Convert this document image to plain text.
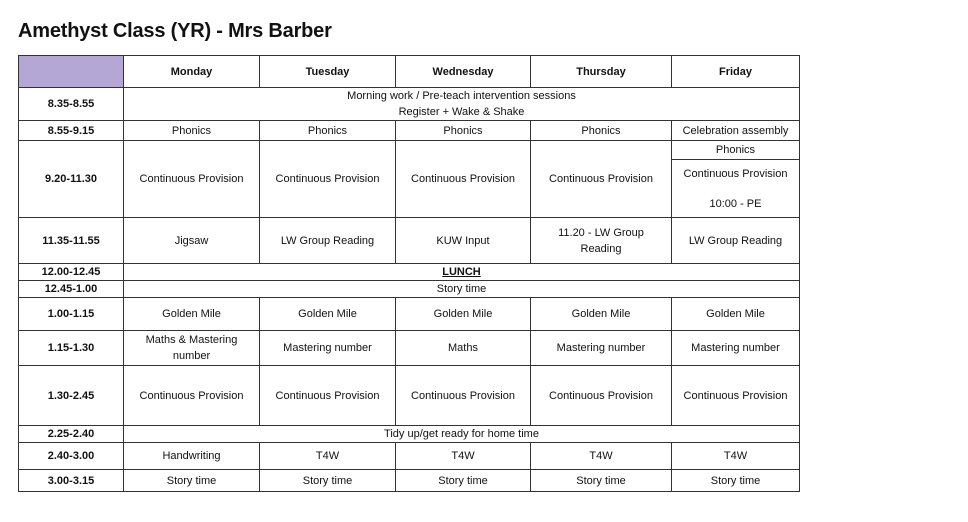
Amethyst Class (YR) - Mrs Barber
	Monday	Tuesday	Wednesday	Thursday	Friday
8.35-8.55	Morning work / Pre-teach intervention sessions
Register + Wake & Shake				

8.55-9.15	Phonics	Phonics	Phonics	Phonics	Celebration assembly
9.20-11.30	Continuous Provision	Continuous Provision	Continuous Provision	Continuous Provision	Phonics

					Continuous Provision
10:00 - PE

11.35-11.55	Jigsaw	LW Group Reading	KUW Input	11.20 - LW Group
Reading	LW Group Reading
12.00-12.45	LUNCH				
12.45-1.00	Story time				
1.00-1.15	Golden Mile	Golden Mile	Golden Mile	Golden Mile	Golden Mile
1.15-1.30	Maths & Mastering
number	Mastering number	Maths	Mastering number	Mastering number
1.30-2.45	Continuous Provision	Continuous Provision	Continuous Provision	Continuous Provision	Continuous Provision
2.25-2.40	Tidy up/get ready for home time				
2.40-3.00	Handwriting	T4W	T4W	T4W	T4W
3.00-3.15	Story time	Story time	Story time	Story time	Story time
